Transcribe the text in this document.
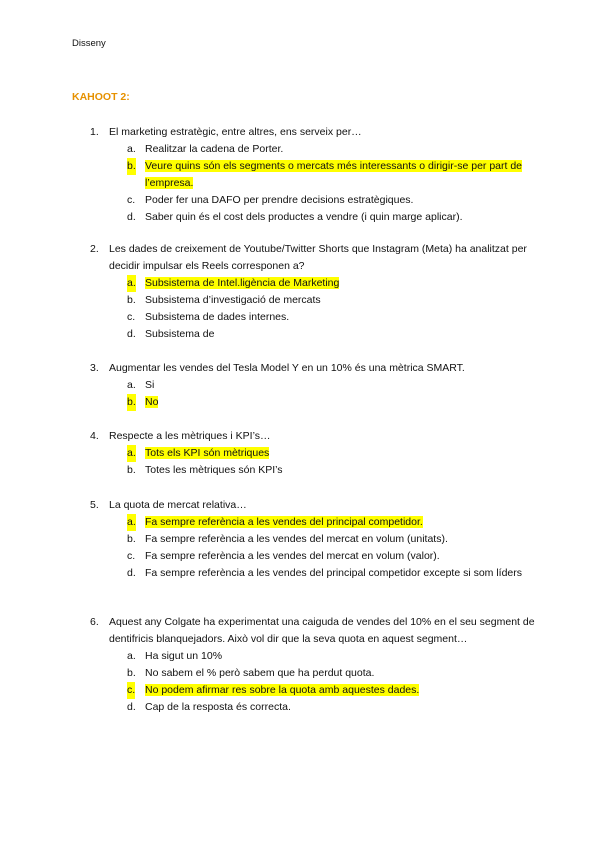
Disseny
KAHOOT 2:
1. El marketing estratègic, entre altres, ens serveix per…
a. Realitzar la cadena de Porter.
b. Veure quins són els segments o mercats més interessants o dirigir-se per part de l’empresa.
c. Poder fer una DAFO per prendre decisions estratègiques.
d. Saber quin és el cost dels productes a vendre (i quin marge aplicar).
2. Les dades de creixement de Youtube/Twitter Shorts que Instagram (Meta) ha analitzat per decidir impulsar els Reels corresponen a?
a. Subsistema de Intel.ligència de Marketing
b. Subsistema d’investigació de mercats
c. Subsistema de dades internes.
d. Subsistema de
3. Augmentar les vendes del Tesla Model Y en un 10% és una mètrica SMART.
a. Si
b. No
4. Respecte a les mètriques i KPI’s…
a. Tots els KPI són mètriques
b. Totes les mètriques són KPI’s
5. La quota de mercat relativa…
a. Fa sempre referència a les vendes del principal competidor.
b. Fa sempre referència a les vendes del mercat en volum (unitats).
c. Fa sempre referència a les vendes del mercat en volum (valor).
d. Fa sempre referència a les vendes del principal competidor excepte si som líders
6. Aquest any Colgate ha experimentat una caiguda de vendes del 10% en el seu segment de dentifricis blanquejadors. Això vol dir que la seva quota en aquest segment…
a. Ha sigut un 10%
b. No sabem el % però sabem que ha perdut quota.
c. No podem afirmar res sobre la quota amb aquestes dades.
d. Cap de la resposta és correcta.
